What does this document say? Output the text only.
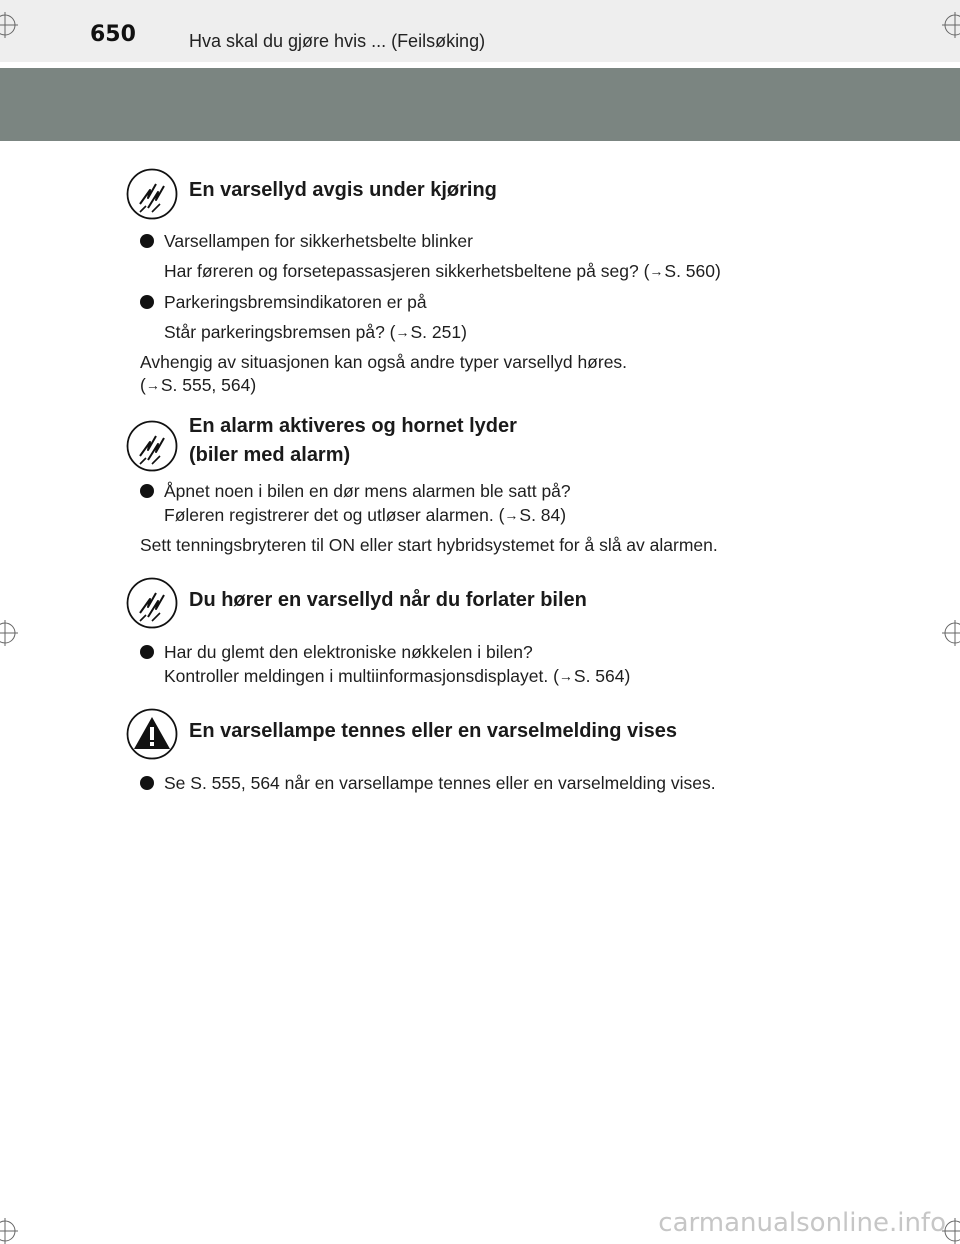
650	Hva skal du gjøre hvis ... (Feilsøking)
En varsellyd avgis under kjøring
Varsellampen for sikkerhetsbelte blinker
Har føreren og forsetepassasjeren sikkerhetsbeltene på seg? (→S. 560)
Parkeringsbremsindikatoren er på
Står parkeringsbremsen på? (→S. 251)
Avhengig av situasjonen kan også andre typer varsellyd høres.
(→S. 555, 564)
En alarm aktiveres og hornet lyder
(biler med alarm)
Åpnet noen i bilen en dør mens alarmen ble satt på?
Føleren registrerer det og utløser alarmen. (→S. 84)
Sett tenningsbryteren til ON eller start hybridsystemet for å slå av alarmen.
Du hører en varsellyd når du forlater bilen
Har du glemt den elektroniske nøkkelen i bilen?
Kontroller meldingen i multiinformasjonsdisplayet. (→S. 564)
En varsellampe tennes eller en varselmelding vises
Se S. 555, 564 når en varsellampe tennes eller en varselmelding vises.
carmanualsonline.info
